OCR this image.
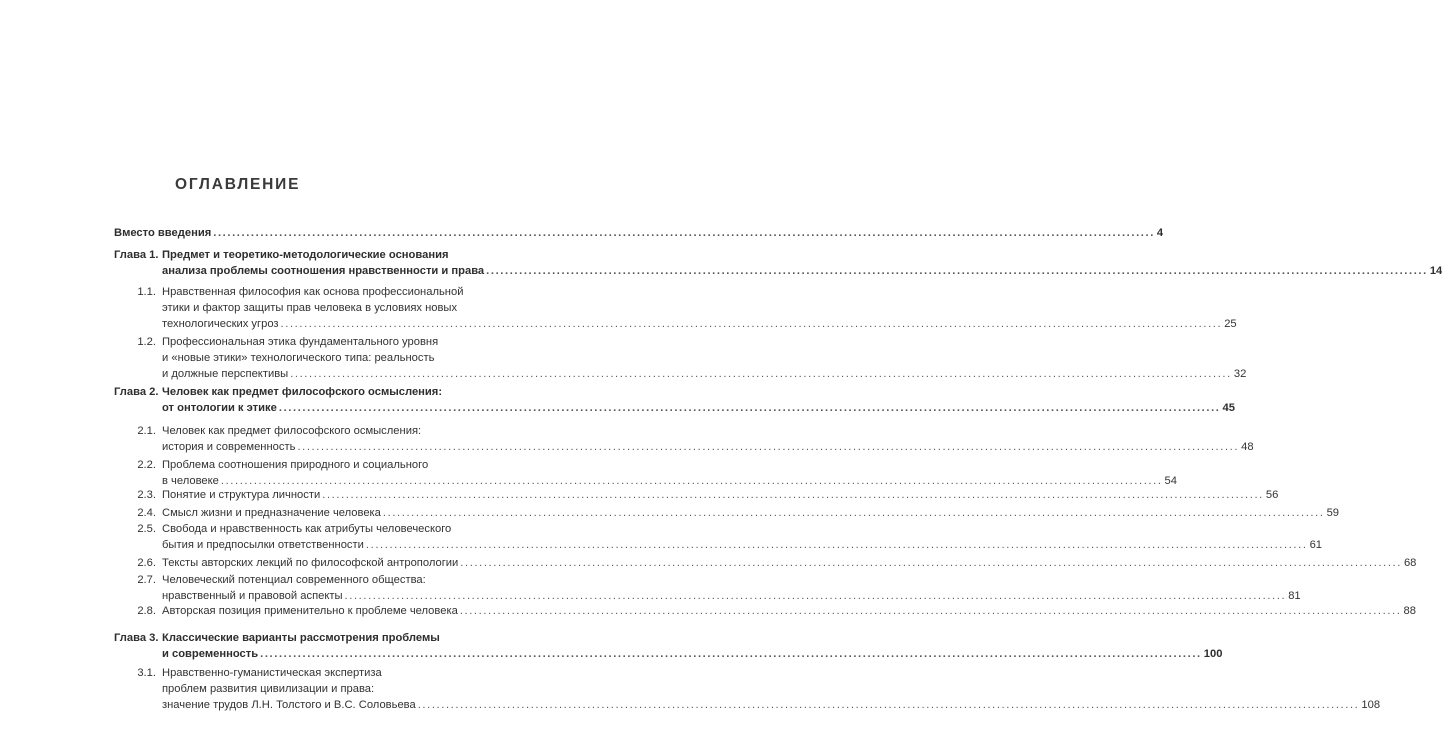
ОГЛАВЛЕНИЕ
Вместо введения ........................................................................................................................................................................................................ 4
Глава 1. Предмет и теоретико-методологические основания
анализа проблемы соотношения нравственности и права ........................................................................................................................................................................................................ 14
1.1. Нравственная философия как основа профессиональной
этики и фактор защиты прав человека в условиях новых
технологических угроз ........................................................................................................................................................................................................ 25
1.2. Профессиональная этика фундаментального уровня
и «новые этики» технологического типа: реальность
и должные перспективы ........................................................................................................................................................................................................ 32
Глава 2. Человек как предмет философского осмысления:
от онтологии к этике ........................................................................................................................................................................................................ 45
2.1. Человек как предмет философского осмысления:
история и современность ........................................................................................................................................................................................................ 48
2.2. Проблема соотношения природного и социального
в человеке ........................................................................................................................................................................................................ 54
2.3. Понятие и структура личности ........................................................................................................................................................................................................ 56
2.4. Смысл жизни и предназначение человека ........................................................................................................................................................................................................ 59
2.5. Свобода и нравственность как атрибуты человеческого
бытия и предпосылки ответственности ........................................................................................................................................................................................................ 61
2.6. Тексты авторских лекций по философской антропологии ........................................................................................................................................................................................................ 68
2.7. Человеческий потенциал современного общества:
нравственный и правовой аспекты ........................................................................................................................................................................................................ 81
2.8. Авторская позиция применительно к проблеме человека ........................................................................................................................................................................................................ 88
Глава 3. Классические варианты рассмотрения проблемы
и современность ........................................................................................................................................................................................................ 100
3.1. Нравственно-гуманистическая экспертиза
проблем развития цивилизации и права:
значение трудов Л.Н. Толстого и В.С. Соловьева ........................................................................................................................................................................................................ 108
